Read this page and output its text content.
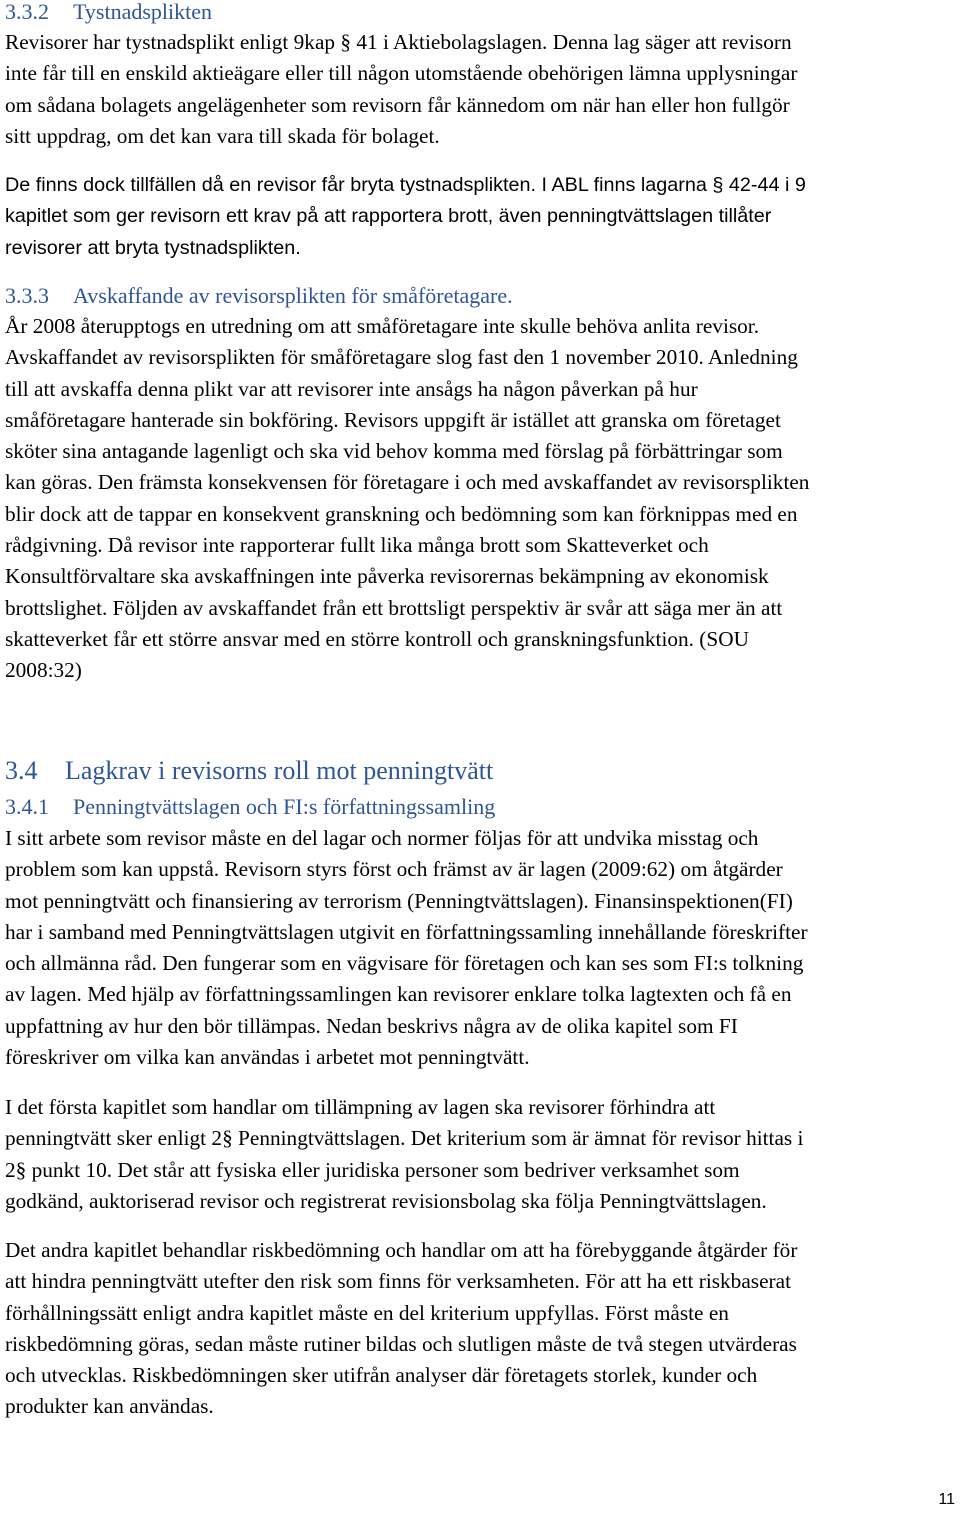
3.3.2 Tystnadsplikten
Revisorer har tystnadsplikt enligt 9kap § 41 i Aktiebolagslagen. Denna lag säger att revisorn
inte får till en enskild aktieägare eller till någon utomstående obehörigen lämna upplysningar
om sådana bolagets angelägenheter som revisorn får kännedom om när han eller hon fullgör
sitt uppdrag, om det kan vara till skada för bolaget.
De finns dock tillfällen då en revisor får bryta tystnadsplikten. I ABL finns lagarna § 42-44 i 9
kapitlet som ger revisorn ett krav på att rapportera brott, även penningtvättslagen tillåter
revisorer att bryta tystnadsplikten.
3.3.3 Avskaffande av revisorsplikten för småföretagare.
År 2008 återupptogs en utredning om att småföretagare inte skulle behöva anlita revisor.
Avskaffandet av revisorsplikten för småföretagare slog fast den 1 november 2010. Anledning
till att avskaffa denna plikt var att revisorer inte ansågs ha någon påverkan på hur
småföretagare hanterade sin bokföring. Revisors uppgift är istället att granska om företaget
sköter sina antagande lagenligt och ska vid behov komma med förslag på förbättringar som
kan göras. Den främsta konsekvensen för företagare i och med avskaffandet av revisorsplikten
blir dock att de tappar en konsekvent granskning och bedömning som kan förknippas med en
rådgivning. Då revisor inte rapporterar fullt lika många brott som Skatteverket och
Konsultförvaltare ska avskaffningen inte påverka revisorernas bekämpning av ekonomisk
brottslighet. Följden av avskaffandet från ett brottsligt perspektiv är svår att säga mer än att
skatteverket får ett större ansvar med en större kontroll och granskningsfunktion. (SOU
2008:32)
3.4 Lagkrav i revisorns roll mot penningtvätt
3.4.1 Penningtvättslagen och FI:s författningssamling
I sitt arbete som revisor måste en del lagar och normer följas för att undvika misstag och
problem som kan uppstå. Revisorn styrs först och främst av är lagen (2009:62) om åtgärder
mot penningtvätt och finansiering av terrorism (Penningtvättslagen). Finansinspektionen(FI)
har i samband med Penningtvättslagen utgivit en författningssamling innehållande föreskrifter
och allmänna råd. Den fungerar som en vägvisare för företagen och kan ses som FI:s tolkning
av lagen. Med hjälp av författningssamlingen kan revisorer enklare tolka lagtexten och få en
uppfattning av hur den bör tillämpas. Nedan beskrivs några av de olika kapitel som FI
föreskriver om vilka kan användas i arbetet mot penningtvätt.
I det första kapitlet som handlar om tillämpning av lagen ska revisorer förhindra att
penningtvätt sker enligt 2§ Penningtvättslagen. Det kriterium som är ämnat för revisor hittas i
2§ punkt 10. Det står att fysiska eller juridiska personer som bedriver verksamhet som
godkänd, auktoriserad revisor och registrerat revisionsbolag ska följa Penningtvättslagen.
Det andra kapitlet behandlar riskbedömning och handlar om att ha förebyggande åtgärder för
att hindra penningtvätt utefter den risk som finns för verksamheten. För att ha ett riskbaserat
förhållningssätt enligt andra kapitlet måste en del kriterium uppfyllas. Först måste en
riskbedömning göras, sedan måste rutiner bildas och slutligen måste de två stegen utvärderas
och utvecklas. Riskbedömningen sker utifrån analyser där företagets storlek, kunder och
produkter kan användas.
11
